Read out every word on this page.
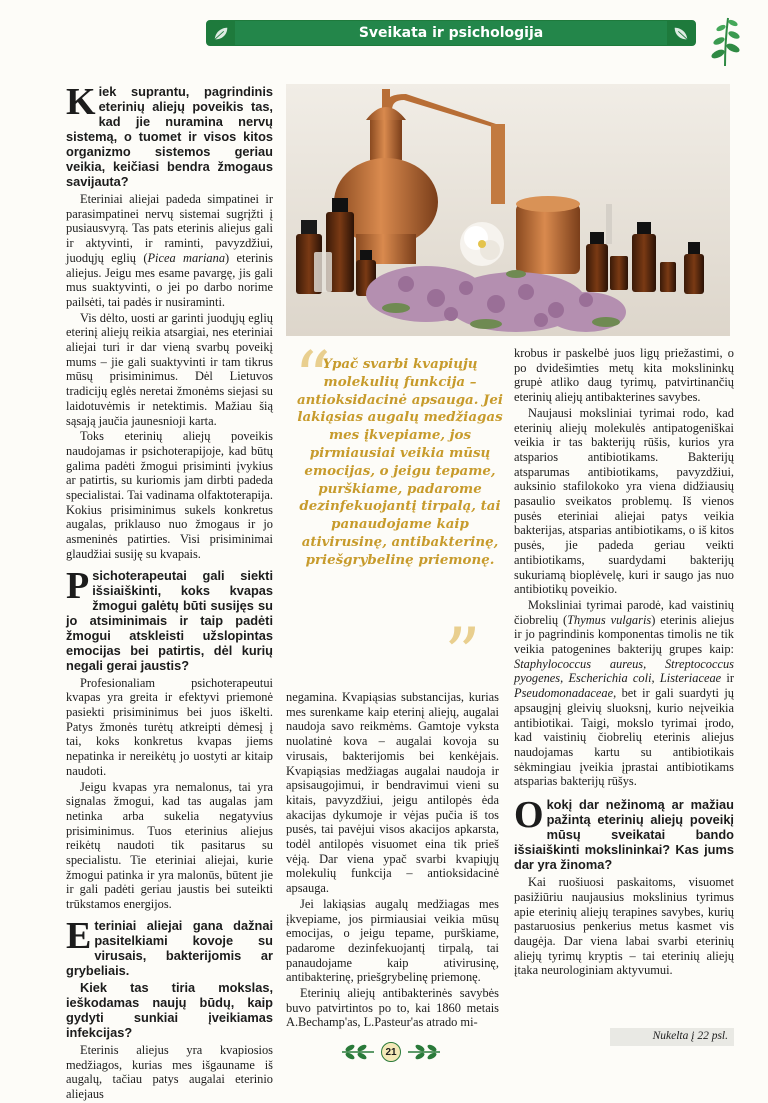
Sveikata ir psichologija
Kiek suprantu, pagrindinis eterinių aliejų poveikis tas, kad jie nuramina nervų sistemą, o tuomet ir visos kitos organizmo sistemos geriau veikia, keičiasi bendra žmogaus savijauta?

Eteriniai aliejai padeda simpatinei ir parasimpatinei nervų sistemai sugrįžti į pusiausvyrą. Tas pats eterinis aliejus gali ir aktyvinti, ir raminti, pavyzdžiui, juodųjų eglių (Picea mariana) eterinis aliejus. Jeigu mes esame pavargę, jis gali mus suaktyvinti, o jei po darbo norime pailsėti, tai padės ir nusiraminti.

Vis dėlto, uosti ar garinti juodųjų eglių eterinį aliejų reikia atsargiai, nes eteriniai aliejai turi ir dar vieną svarbų poveikį mums – jie gali suaktyvinti ir tam tikrus mūsų prisiminimus. Dėl Lietuvos tradicijų eglės neretai žmonėms siejasi su laidotuvėmis ir netektimis. Mažiau šią sąsają jaučia jaunesnioji karta.

Toks eterinių aliejų poveikis naudojamas ir psichoterapijoje, kad būtų galima padėti žmogui prisiminti įvykius ar patirtis, su kuriomis jam dirbti padeda specialistai. Tai vadinama olfaktoterapija. Kokius prisiminimus sukels konkretus augalas, priklauso nuo žmogaus ir jo asmeninės patirties. Visi prisiminimai glaudžiai susiję su kvapais.

Psichoterapeutai gali siekti išsiaiškinti, koks kvapas žmogui galėtų būti susijęs su jo atsiminimais ir taip padėti žmogui atskleisti užslopintas emocijas bei patirtis, dėl kurių negali gerai jaustis?

Profesionaliam psichoterapeutui kvapas yra greita ir efektyvi priemonė pasiekti prisiminimus bei juos iškelti. Patys žmonės turėtų atkreipti dėmesį į tai, koks konkretus kvapas jiems nepatinka ir nereikėtų jo uostyti ar kitaip naudoti.

Jeigu kvapas yra nemalonus, tai yra signalas žmogui, kad tas augalas jam netinka arba sukelia negatyvius prisiminimus. Tuos eterinius aliejus reikėtų naudoti tik pasitarus su specialistu. Tie eteriniai aliejai, kurie žmogui patinka ir yra malonūs, būtent jie ir gali padėti geriau jaustis bei suteikti trūkstamos energijos.

Eteriniai aliejai gana dažnai pasitelkiami kovoje su virusais, bakterijomis ar grybeliais.
Kiek tas tiria mokslas, ieškodamas naujų būdų, kaip gydyti sunkiai įveikiamas infekcijas?

Eterinis aliejus yra kvapiosios medžiagos, kurias mes išgauname iš augalų, tačiau patys augalai eterinio aliejaus

“
Ypač svarbi kvapiųjų molekulių funkcija – antioksidacinė apsauga. Jei lakiąsias augalų medžiagas mes įkvepiame, jos pirmiausiai veikia mūsų emocijas, o jeigu tepame, purškiame, padarome dezinfekuojantį tirpalą, tai panaudojame kaip ativirusinę, antibakterinę, priešgrybelinę priemonę.
”

negamina. Kvapiąsias substancijas, kurias mes surenkame kaip eterinį aliejų, augalai naudoja savo reikmėms. Gamtoje vyksta nuolatinė kova – augalai kovoja su virusais, bakterijomis bei kenkėjais. Kvapiąsias medžiagas augalai naudoja ir apsisaugojimui, ir bendravimui vieni su kitais, pavyzdžiui, jeigu antilopės ėda akacijas dykumoje ir vėjas pučia iš tos pusės, tai pavėjui visos akacijos apkarsta, todėl antilopės visuomet eina tik prieš vėją. Dar viena ypač svarbi kvapiųjų molekulių funkcija – antioksidacinė apsauga.

Jei lakiąsias augalų medžiagas mes įkvepiame, jos pirmiausiai veikia mūsų emocijas, o jeigu tepame, purškiame, padarome dezinfekuojantį tirpalą, tai panaudojame kaip ativirusinę, antibakterinę, priešgrybelinę priemonę.

Eterinių aliejų antibakterinės savybės buvo patvirtintos po to, kai 1860 metais A.Bechamp'as, L.Pasteur'as atrado mi-

krobus ir paskelbė juos ligų priežastimi, o po dvidešimties metų kita mokslininkų grupė atliko daug tyrimų, patvirtinančių eterinių aliejų antibakterines savybes.

Naujausi moksliniai tyrimai rodo, kad eterinių aliejų molekulės antipatogeniškai veikia ir tas bakterijų rūšis, kurios yra atsparios antibiotikams. Bakterijų atsparumas antibiotikams, pavyzdžiui, auksinio stafilokoko yra viena didžiausių pasaulio sveikatos problemų. Iš vienos pusės eteriniai aliejai patys veikia bakterijas, atsparias antibiotikams, o iš kitos pusės, jie padeda geriau veikti antibiotikams, suardydami bakterijų sukuriamą bioplėvelę, kuri ir saugo jas nuo antibiotikų poveikio.

Moksliniai tyrimai parodė, kad vaistinių čiobrelių (Thymus vulgaris) eterinis aliejus ir jo pagrindinis komponentas timolis ne tik veikia patogenines bakterijų grupes kaip: Staphylococcus aureus, Streptococcus pyogenes, Escherichia coli, Listeriaceae ir Pseudomonadaceae, bet ir gali suardyti jų apsaugįnį gleivių sluoksnį, kurio neįveikia antibiotikai. Taigi, mokslo tyrimai įrodo, kad vaistinių čiobrelių eterinis aliejus naudojamas kartu su antibiotikais sėkmingiau įveikia įprastai antibiotikams atsparias bakterijų rūšys.

Okokį dar nežinomą ar mažiau pažintą eterinių aliejų poveikį mūsų sveikatai bando išsiaiškinti mokslininkai? Kas jums dar yra žinoma?

Kai ruošiuosi paskaitoms, visuomet pasižiūriu naujausius mokslinius tyrimus apie eterinių aliejų terapines savybes, kurių pastaruosius penkerius metus kasmet vis daugėja. Dar viena labai svarbi eterinių aliejų tyrimų kryptis – tai eterinių aliejų įtaka neurologiniam aktyvumui.

Nukelta į 22 psl.
21
